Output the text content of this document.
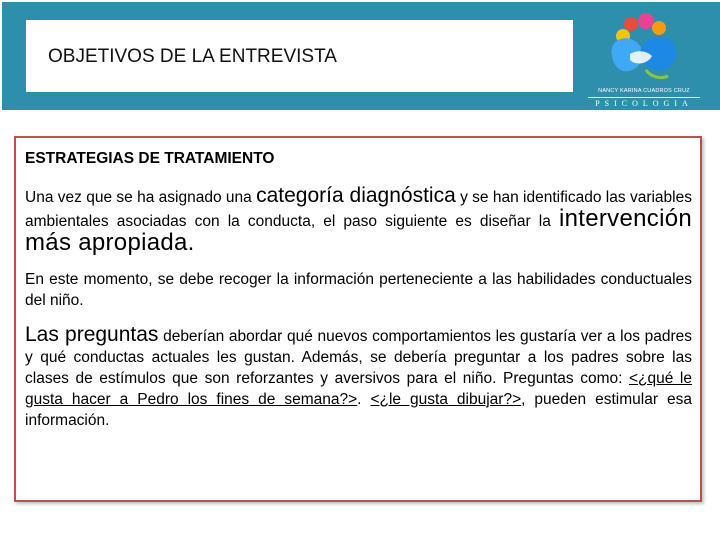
OBJETIVOS DE LA ENTREVISTA
NANCY KARINA CUADROS CRUZ
PSICOLOGIA
ESTRATEGIAS DE TRATAMIENTO
Una vez que se ha asignado una categoría diagnóstica y se han identificado las variables ambientales asociadas con la conducta, el paso siguiente es diseñar la intervención más apropiada.
En este momento, se debe recoger la información perteneciente a las habilidades conductuales del niño.
Las preguntas deberían abordar qué nuevos comportamientos les gustaría ver a los padres y qué conductas actuales les gustan. Además, se debería preguntar a los padres sobre las clases de estímulos que son reforzantes y aversivos para el niño. Preguntas como: <¿qué le gusta hacer a Pedro los fines de semana?>. <¿le gusta dibujar?>, pueden estimular esa información.
